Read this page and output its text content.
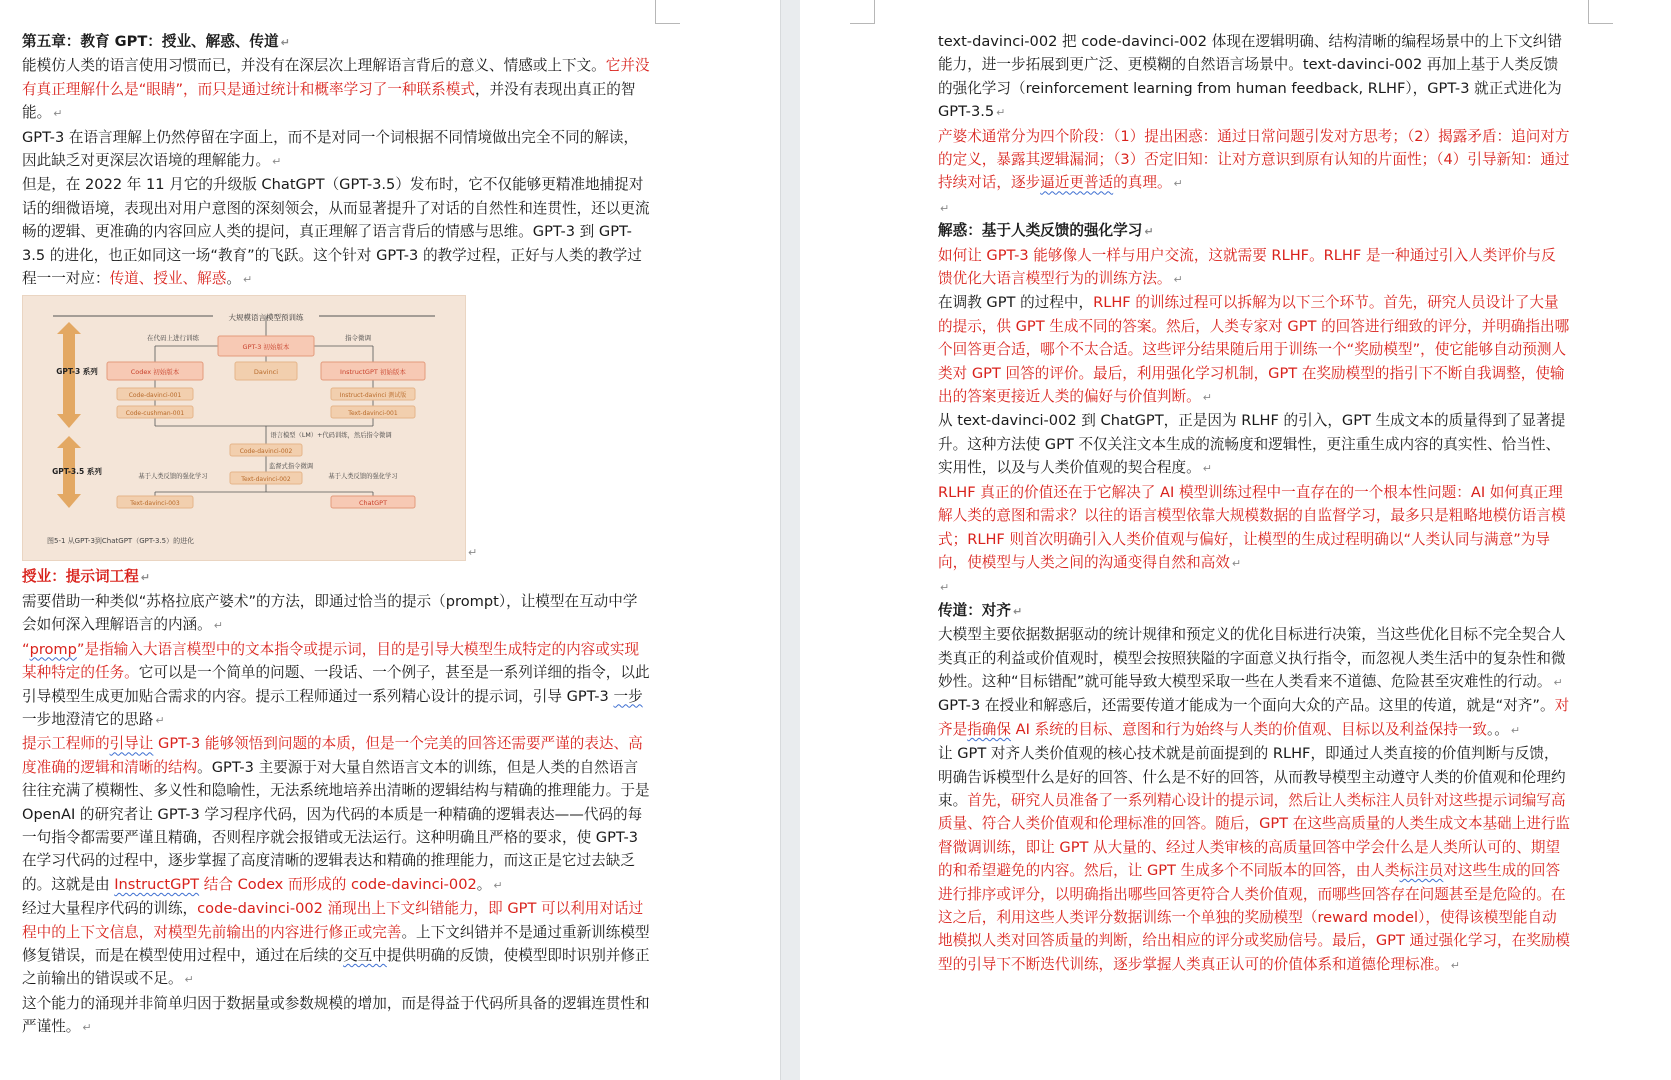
第五章：教育 GPT：授业、解惑、传道 ↵

能模仿人类的语言使用习惯而已，并没有在深层次上理解语言背后的意义、情感或上下文。它并没有真正理解什么是“眼睛”，而只是通过统计和概率学习了一种联系模式，并没有表现出真正的智能。 ↵

GPT-3 在语言理解上仍然停留在字面上，而不是对同一个词根据不同情境做出完全不同的解读，因此缺乏对更深层次语境的理解能力。 ↵

但是，在 2022 年 11 月它的升级版 ChatGPT（GPT-3.5）发布时，它不仅能够更精准地捕捉对话的细微语境，表现出对用户意图的深刻领会，从而显著提升了对话的自然性和连贯性，还以更流畅的逻辑、更准确的内容回应人类的提问，真正理解了语言背后的情感与思维。GPT-3 到 GPT-3.5 的进化，也正如同这一场“教育”的飞跃。这个针对 GPT-3 的教学过程，正好与人类的教学过程一一对应：传道、授业、解惑。 ↵

大规模语言模型预训练
GPT-3 系列
GPT-3.5 系列
在代码上进行训练	指令微调
语言模型（LM）+代码训练，然后指令微调
监督式指令微调
基于人类反馈的强化学习	基于人类反馈的强化学习
GPT-3 初始版本
Codex 初始版本	Davinci	InstructGPT 初始版本
Code-davinci-001
Code-cushman-001
Instruct-davinci 测试版
Text-davinci-001
Code-davinci-002
Text-davinci-002
Text-davinci-003	ChatGPT
图5-1 从GPT-3到ChatGPT（GPT-3.5）的进化
↵

授业：提示词工程 ↵

需要借助一种类似“苏格拉底产婆术”的方法，即通过恰当的提示（prompt），让模型在互动中学会如何深入理解语言的内涵。 ↵

“promp”是指输入大语言模型中的文本指令或提示词，目的是引导大模型生成特定的内容或实现某种特定的任务。它可以是一个简单的问题、一段话、一个例子，甚至是一系列详细的指令，以此引导模型生成更加贴合需求的内容。提示工程师通过一系列精心设计的提示词，引导 GPT-3 一步一步地澄清它的思路 ↵

提示工程师的引导让 GPT-3 能够领悟到问题的本质，但是一个完美的回答还需要严谨的表达、高度准确的逻辑和清晰的结构。GPT-3 主要源于对大量自然语言文本的训练，但是人类的自然语言往往充满了模糊性、多义性和隐喻性，无法系统地培养出清晰的逻辑结构与精确的推理能力。于是 OpenAI 的研究者让 GPT-3 学习程序代码，因为代码的本质是一种精确的逻辑表达——代码的每一句指令都需要严谨且精确，否则程序就会报错或无法运行。这种明确且严格的要求，使 GPT-3 在学习代码的过程中，逐步掌握了高度清晰的逻辑表达和精确的推理能力，而这正是它过去缺乏的。这就是由 InstructGPT 结合 Codex 而形成的 code-davinci-002。 ↵

经过大量程序代码的训练，code-davinci-002 涌现出上下文纠错能力，即 GPT 可以利用对话过程中的上下文信息，对模型先前输出的内容进行修正或完善。上下文纠错并不是通过重新训练模型修复错误，而是在模型使用过程中，通过在后续的交互中提供明确的反馈，使模型即时识别并修正之前输出的错误或不足。 ↵

这个能力的涌现并非简单归因于数据量或参数规模的增加，而是得益于代码所具备的逻辑连贯性和严谨性。 ↵

text-davinci-002 把 code-davinci-002 体现在逻辑明确、结构清晰的编程场景中的上下文纠错能力，进一步拓展到更广泛、更模糊的自然语言场景中。text-davinci-002 再加上基于人类反馈的强化学习（reinforcement learning from human feedback, RLHF），GPT-3 就正式进化为 GPT-3.5 ↵

产婆术通常分为四个阶段：（1）提出困惑：通过日常问题引发对方思考；（2）揭露矛盾：追问对方的定义，暴露其逻辑漏洞；（3）否定旧知：让对方意识到原有认知的片面性；（4）引导新知：通过持续对话，逐步逼近更普适的真理。 ↵

↵

解惑：基于人类反馈的强化学习 ↵

如何让 GPT-3 能够像人一样与用户交流，这就需要 RLHF。RLHF 是一种通过引入人类评价与反馈优化大语言模型行为的训练方法。 ↵

在调教 GPT 的过程中，RLHF 的训练过程可以拆解为以下三个环节。首先，研究人员设计了大量的提示，供 GPT 生成不同的答案。然后，人类专家对 GPT 的回答进行细致的评分，并明确指出哪个回答更合适，哪个不太合适。这些评分结果随后用于训练一个“奖励模型”，使它能够自动预测人类对 GPT 回答的评价。最后，利用强化学习机制，GPT 在奖励模型的指引下不断自我调整，使输出的答案更接近人类的偏好与价值判断。 ↵

从 text-davinci-002 到 ChatGPT，正是因为 RLHF 的引入，GPT 生成文本的质量得到了显著提升。这种方法使 GPT 不仅关注文本生成的流畅度和逻辑性，更注重生成内容的真实性、恰当性、实用性，以及与人类价值观的契合程度。 ↵

RLHF 真正的价值还在于它解决了 AI 模型训练过程中一直存在的一个根本性问题：AI 如何真正理解人类的意图和需求？以往的语言模型依靠大规模数据的自监督学习，最多只是粗略地模仿语言模式；RLHF 则首次明确引入人类价值观与偏好，让模型的生成过程明确以“人类认同与满意”为导向，使模型与人类之间的沟通变得自然和高效 ↵

↵

传道：对齐 ↵

大模型主要依据数据驱动的统计规律和预定义的优化目标进行决策，当这些优化目标不完全契合人类真正的利益或价值观时，模型会按照狭隘的字面意义执行指令，而忽视人类生活中的复杂性和微妙性。这种“目标错配”就可能导致大模型采取一些在人类看来不道德、危险甚至灾难性的行动。 ↵

GPT-3 在授业和解惑后，还需要传道才能成为一个面向大众的产品。这里的传道，就是“对齐”。对齐是指确保 AI 系统的目标、意图和行为始终与人类的价值观、目标以及利益保持一致。。 ↵

让 GPT 对齐人类价值观的核心技术就是前面提到的 RLHF，即通过人类直接的价值判断与反馈，明确告诉模型什么是好的回答、什么是不好的回答，从而教导模型主动遵守人类的价值观和伦理约束。首先，研究人员准备了一系列精心设计的提示词，然后让人类标注人员针对这些提示词编写高质量、符合人类价值观和伦理标准的回答。随后，GPT 在这些高质量的人类生成文本基础上进行监督微调训练，即让 GPT 从大量的、经过人类审核的高质量回答中学会什么是人类所认可的、期望的和希望避免的内容。然后，让 GPT 生成多个不同版本的回答，由人类标注员对这些生成的回答进行排序或评分，以明确指出哪些回答更符合人类价值观，而哪些回答存在问题甚至是危险的。在这之后，利用这些人类评分数据训练一个单独的奖励模型（reward model），使得该模型能自动地模拟人类对回答质量的判断，给出相应的评分或奖励信号。最后，GPT 通过强化学习，在奖励模型的引导下不断迭代训练，逐步掌握人类真正认可的价值体系和道德伦理标准。 ↵
